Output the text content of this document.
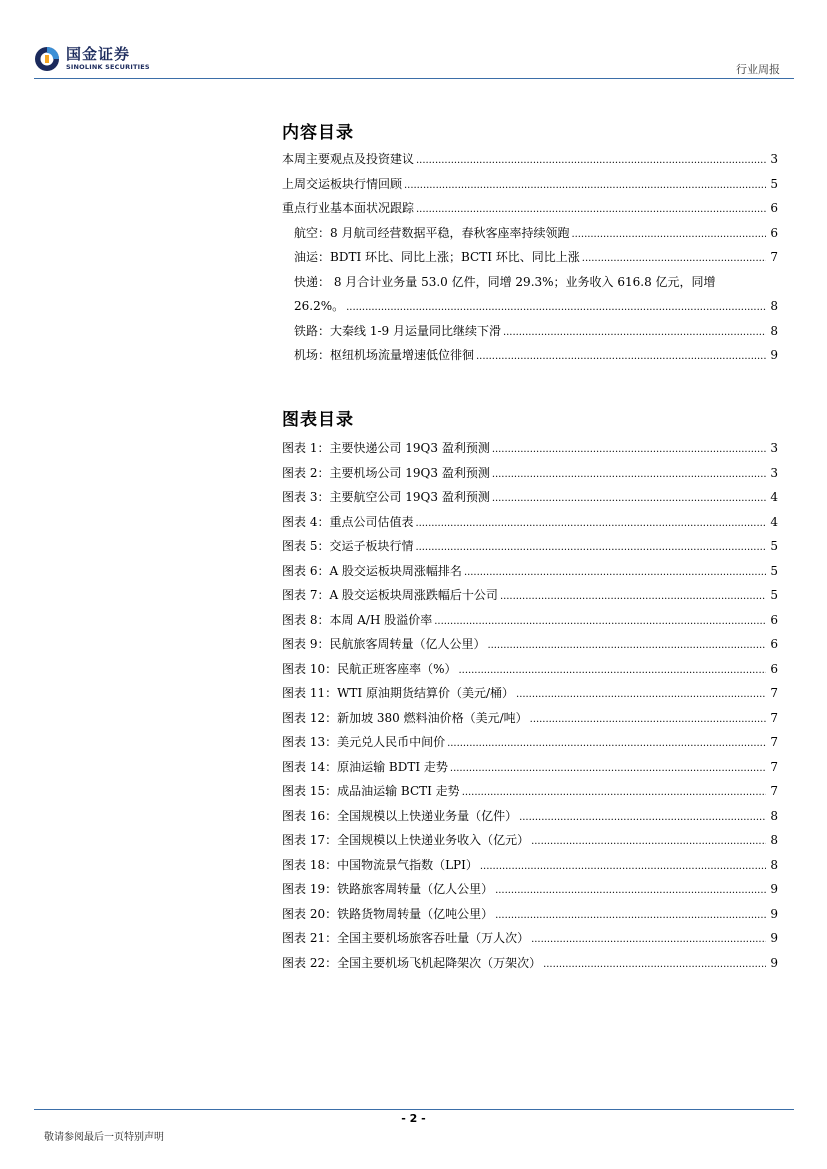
国金证券
SINOLINK SECURITIES	行业周报
内容目录
本周主要观点及投资建议 . . .	3
上周交运板块行情回顾 . . .	5
重点行业基本面状况跟踪 . . .	6
航空：8 月航司经营数据平稳，春秋客座率持续领跑 . . .	6
油运：BDTI 环比、同比上涨；BCTI 环比、同比上涨 . . .	7
快递： 8 月合计业务量 53.0 亿件，同增 29.3%；业务收入 616.8 亿元，同增
26.2%。 . . .	8
铁路：大秦线 1-9 月运量同比继续下滑 . . .	8
机场：枢纽机场流量增速低位徘徊 . . .	9
图表目录
图表 1：主要快递公司 19Q3 盈利预测 . . .	3
图表 2：主要机场公司 19Q3 盈利预测 . . .	3
图表 3：主要航空公司 19Q3 盈利预测 . . .	4
图表 4：重点公司估值表 . . .	4
图表 5：交运子板块行情 . . .	5
图表 6：A 股交运板块周涨幅排名 . . .	5
图表 7：A 股交运板块周涨跌幅后十公司 . . .	5
图表 8：本周 A/H 股溢价率 . . .	6
图表 9：民航旅客周转量（亿人公里） . . .	6
图表 10：民航正班客座率（%） . . .	6
图表 11：WTI 原油期货结算价（美元/桶） . . .	7
图表 12：新加坡 380 燃料油价格（美元/吨） . . .	7
图表 13：美元兑人民币中间价 . . .	7
图表 14：原油运输 BDTI 走势 . . .	7
图表 15：成品油运输 BCTI 走势 . . .	7
图表 16：全国规模以上快递业务量（亿件） . . .	8
图表 17：全国规模以上快递业务收入（亿元） . . .	8
图表 18：中国物流景气指数（LPI） . . .	8
图表 19：铁路旅客周转量（亿人公里） . . .	9
图表 20：铁路货物周转量（亿吨公里） . . .	9
图表 21：全国主要机场旅客吞吐量（万人次） . . .	9
图表 22：全国主要机场飞机起降架次（万架次） . . .	9
- 2 -
敬请参阅最后一页特别声明
